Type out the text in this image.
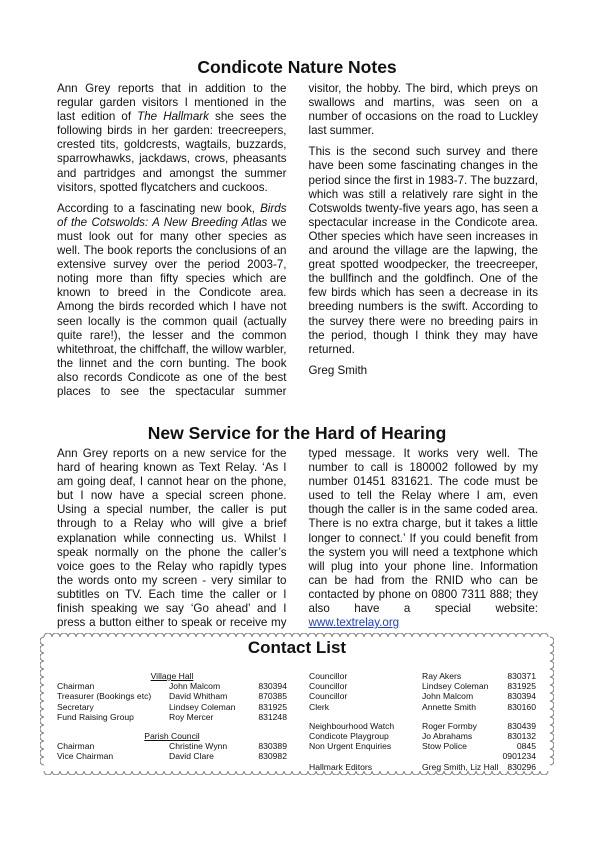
Condicote Nature Notes

Ann Grey reports that in addition to the regular garden visitors I mentioned in the last edition of The Hallmark she sees the following birds in her garden: treecreepers, crested tits, goldcrests, wagtails, buzzards, sparrowhawks, jackdaws, crows, pheasants and partridges and amongst the summer visitors, spotted flycatchers and cuckoos.

According to a fascinating new book, Birds of the Cotswolds: A New Breeding Atlas we must look out for many other species as well. The book reports the conclusions of an extensive survey over the period 2003-7, noting more than fifty species which are known to breed in the Condicote area. Among the birds recorded which I have not seen locally is the common quail (actually quite rare!), the lesser and the common whitethroat, the chiffchaff, the willow warbler, the linnet and the corn bunting. The book also records Condicote as one of the best places to see the spectacular summer visitor, the hobby. The bird, which preys on swallows and martins, was seen on a number of occasions on the road to Luckley last summer.

This is the second such survey and there have been some fascinating changes in the period since the first in 1983-7. The buzzard, which was still a relatively rare sight in the Cotswolds twenty-five years ago, has seen a spectacular increase in the Condicote area. Other species which have seen increases in and around the village are the lapwing, the great spotted woodpecker, the treecreeper, the bullfinch and the goldfinch. One of the few birds which has seen a decrease in its breeding numbers is the swift. According to the survey there were no breeding pairs in the period, though I think they may have returned.

Greg Smith

New Service for the Hard of Hearing

Ann Grey reports on a new service for the hard of hearing known as Text Relay. ‘As I am going deaf, I cannot hear on the phone, but I now have a special screen phone. Using a special number, the caller is put through to a Relay who will give a brief explanation while connecting us. Whilst I speak normally on the phone the caller’s voice goes to the Relay who rapidly types the words onto my screen - very similar to subtitles on TV. Each time the caller or I finish speaking we say ‘Go ahead’ and I press a button either to speak or receive my typed message. It works very well. The number to call is 180002 followed by my number 01451 831621. The code must be used to tell the Relay where I am, even though the caller is in the same coded area. There is no extra charge, but it takes a little longer to connect.’ If you could benefit from the system you will need a textphone which will plug into your phone line. Information can be had from the RNID who can be contacted by phone on 0800 7311 888; they also have a special website: www.textrelay.org

Contact List
Village Hall
Chairman	John Malcom	830394
Treasurer (Bookings etc)	David Whitham	870385
Secretary	Lindsey Coleman	831925
Fund Raising Group	Roy Mercer	831248
Parish Council
Chairman	Christine Wynn	830389
Vice Chairman	David Clare	830982
Councillor	Ray Akers	830371
Councillor	Lindsey Coleman	831925
Councillor	John Malcom	830394
Clerk	Annette Smith	830160
Neighbourhood Watch	Roger Formby	830439
Condicote Playgroup	Jo Abrahams	830132
Non Urgent Enquiries	Stow Police	0845 0901234
Hallmark Editors	Greg Smith, Liz Hall	830296
